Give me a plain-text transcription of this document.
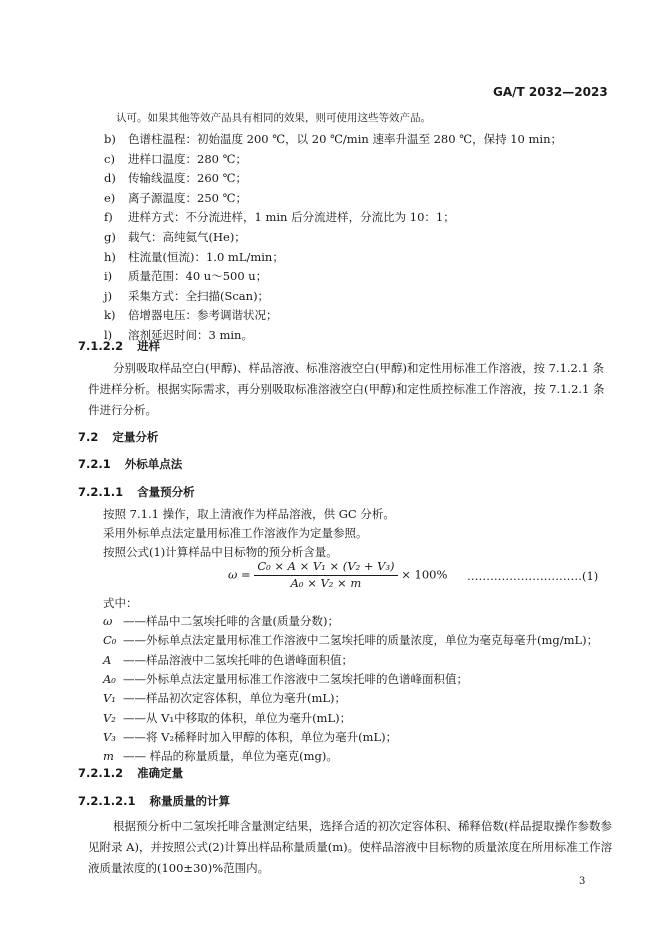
GA/T 2032—2023
认可。如果其他等效产品具有相同的效果，则可使用这些等效产品。
b) 色谱柱温程：初始温度 200 ℃，以 20 ℃/min 速率升温至 280 ℃，保持 10 min；
c) 进样口温度：280 ℃；
d) 传输线温度：260 ℃；
e) 离子源温度：250 ℃；
f) 进样方式：不分流进样，1 min 后分流进样，分流比为 10：1；
g) 载气：高纯氦气(He)；
h) 柱流量(恒流)：1.0 mL/min；
i) 质量范围：40 u～500 u；
j) 采集方式：全扫描(Scan)；
k) 倍增器电压：参考调谐状况；
l) 溶剂延迟时间：3 min。
7.1.2.2 进样
分别吸取样品空白(甲醇)、样品溶液、标准溶液空白(甲醇)和定性用标准工作溶液，按 7.1.2.1 条件进样分析。根据实际需求，再分别吸取标准溶液空白(甲醇)和定性质控标准工作溶液，按 7.1.2.1 条件进行分析。
7.2 定量分析
7.2.1 外标单点法
7.2.1.1 含量预分析
按照 7.1.1 操作，取上清液作为样品溶液，供 GC 分析。
采用外标单点法定量用标准工作溶液作为定量参照。
按照公式(1)计算样品中目标物的预分析含量。
$\omega = \frac{\text{C₀ × A × V₁ × (V₂ + V₃)}}{\text{A₀ × V₂ × m}} \times 100\%$ …………………………(1)
式中：
ω ——样品中二氢埃托啡的含量(质量分数)；
C₀ ——外标单点法定量用标准工作溶液中二氢埃托啡的质量浓度，单位为毫克每毫升(mg/mL)；
A ——样品溶液中二氢埃托啡的色谱峰面积值；
A₀ ——外标单点法定量用标准工作溶液中二氢埃托啡的色谱峰面积值；
V₁ ——样品初次定容体积，单位为毫升(mL)；
V₂ ——从 V₁中移取的体积，单位为毫升(mL)；
V₃ ——将 V₂稀释时加入甲醇的体积，单位为毫升(mL)；
m —— 样品的称量质量，单位为毫克(mg)。
7.2.1.2 准确定量
7.2.1.2.1 称量质量的计算
根据预分析中二氢埃托啡含量测定结果，选择合适的初次定容体积、稀释倍数(样品提取操作参数参见附录 A)，并按照公式(2)计算出样品称量质量(m)。使样品溶液中目标物的质量浓度在所用标准工作溶液质量浓度的(100±30)%范围内。
3
